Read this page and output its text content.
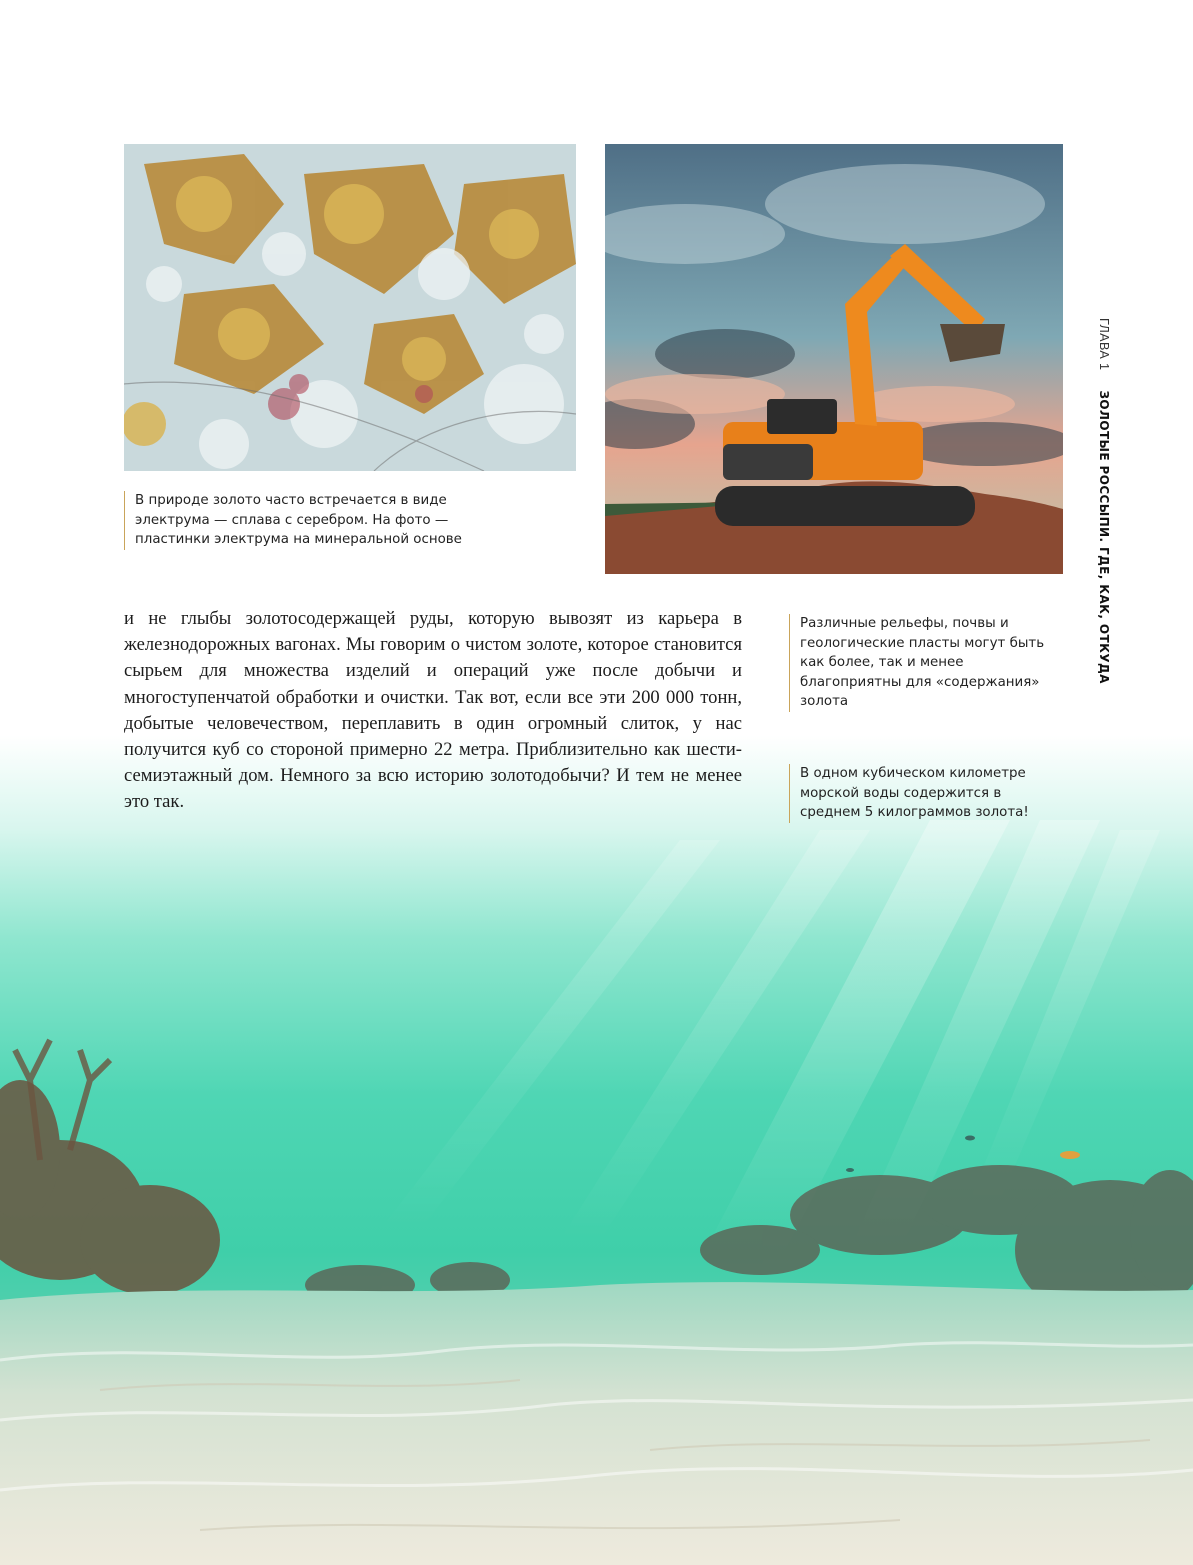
В природе золото часто встречается в виде электрума — сплава с серебром. На фото — пластинки электрума на минеральной основе
и не глыбы золотосодержащей руды, которую вывозят из карьера в железнодорожных вагонах. Мы говорим о чистом золоте, которое становится сырьем для множества изделий и операций уже после добычи и многоступенчатой обработки и очистки. Так вот, если все эти 200 000 тонн, добытые человечеством, переплавить в один огромный слиток, у нас получится куб со стороной примерно 22 метра. Приблизительно как шести-семиэтажный дом. Немного за всю историю золотодобычи? И тем не менее это так.
Различные рельефы, почвы и геологические пласты могут быть как более, так и менее благоприятны для «содержания» золота
В одном кубическом километре морской воды содержится в среднем 5 килограммов золота!
ГЛАВА 1
ЗОЛОТЫЕ РОССЫПИ. ГДЕ, КАК, ОТКУДА
